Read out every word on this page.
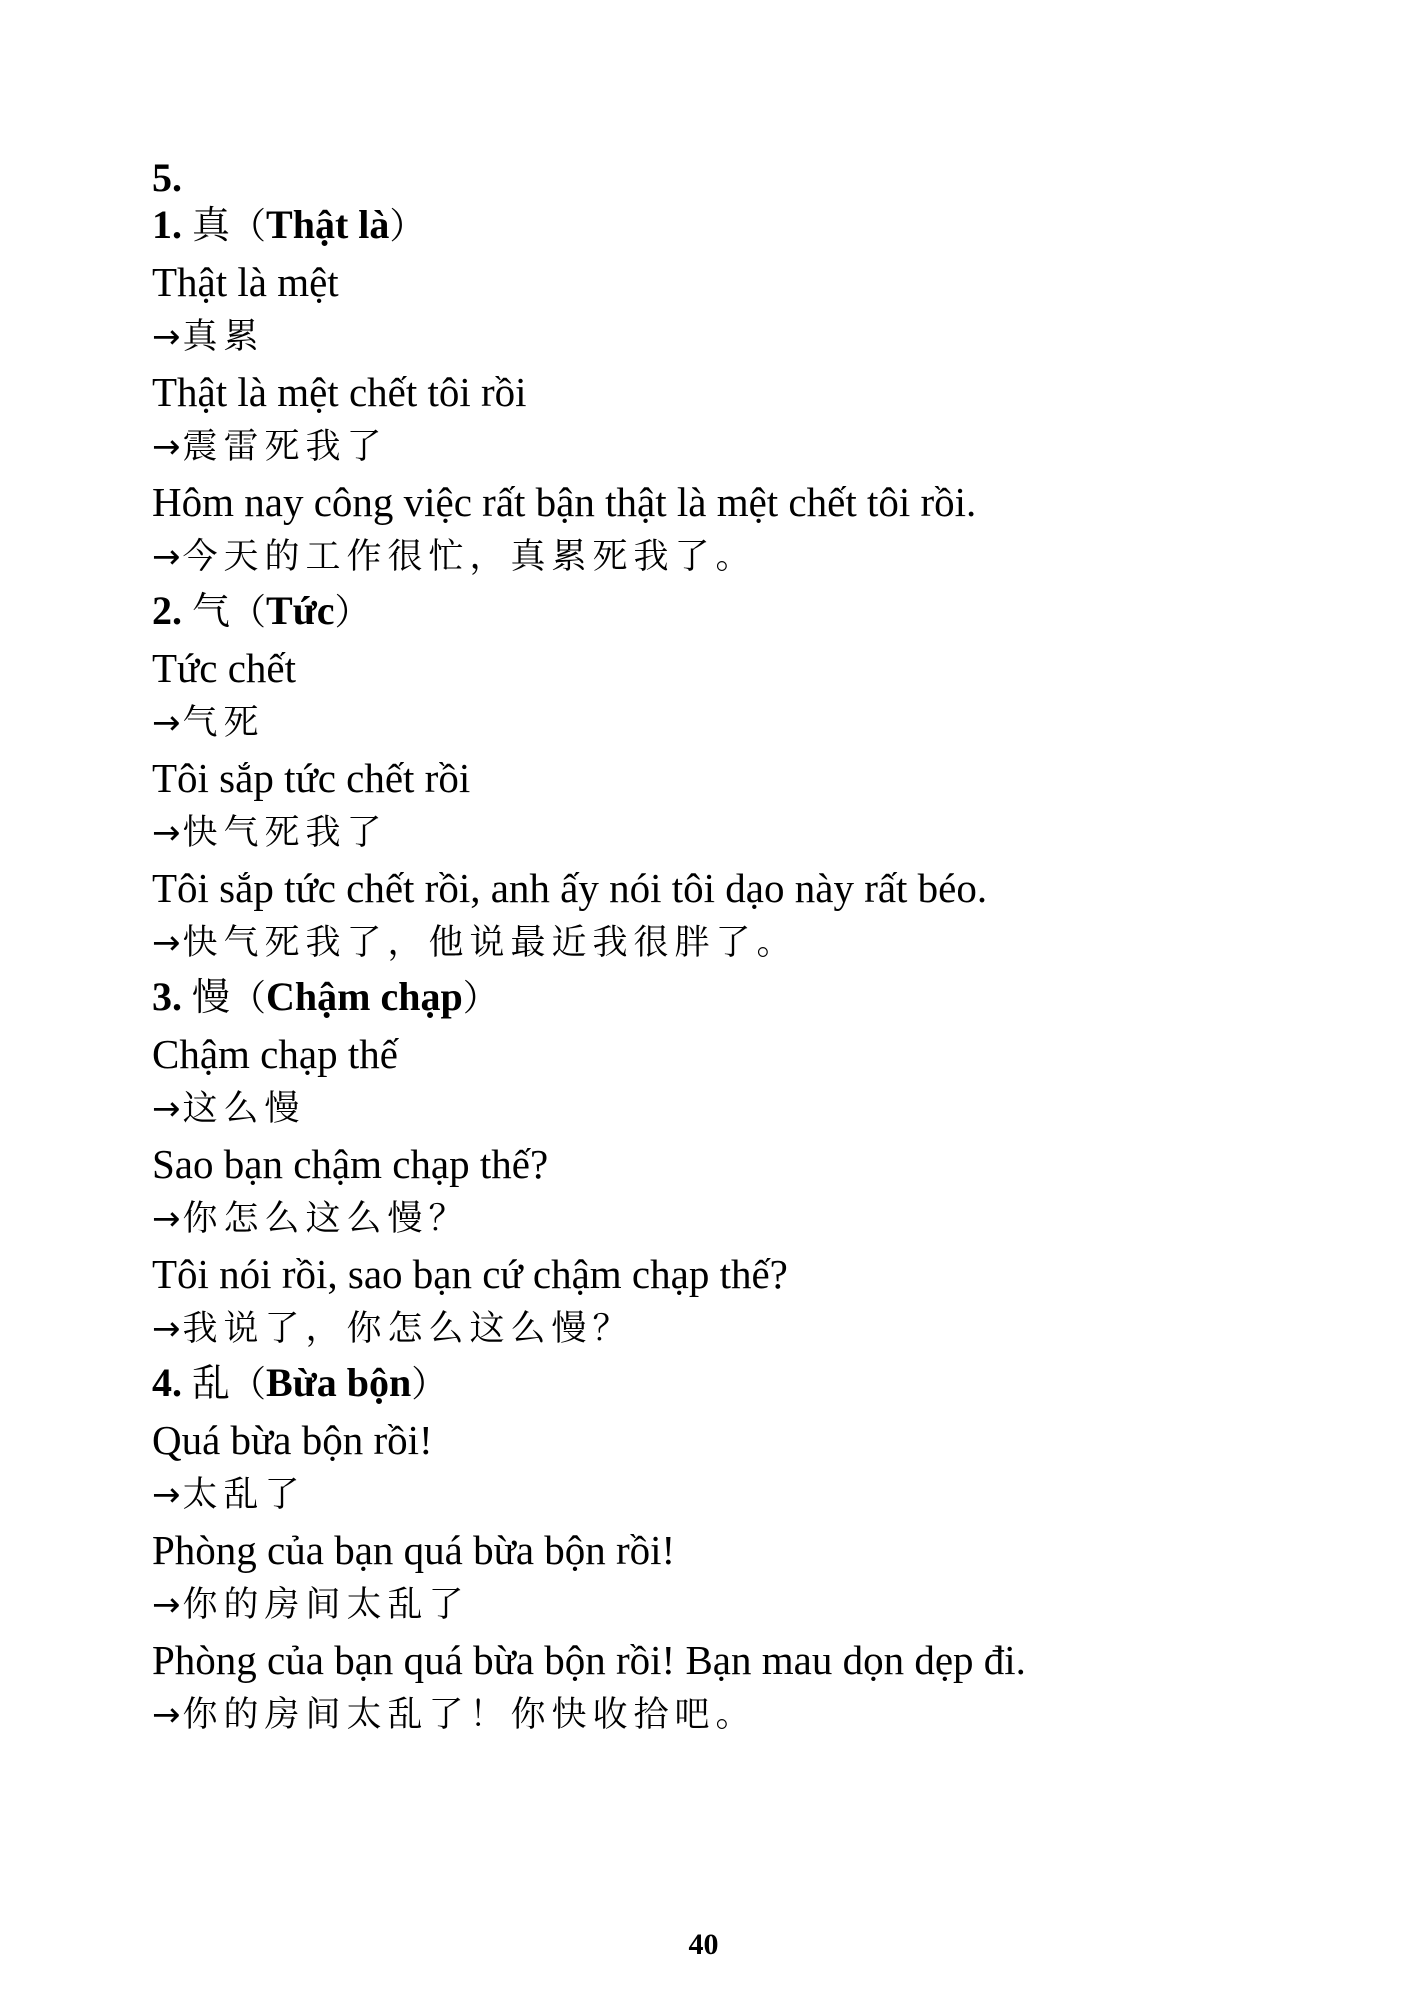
5.
1. 真（Thật là）
Thật là mệt
→真累
Thật là mệt chết tôi rồi
→震雷死我了
Hôm nay công việc rất bận thật là mệt chết tôi rồi.
→今天的工作很忙，真累死我了。
2. 气（Tức）
Tức chết
→气死
Tôi sắp tức chết rồi
→快气死我了
Tôi sắp tức chết rồi, anh ấy nói tôi dạo này rất béo.
→快气死我了，他说最近我很胖了。
3. 慢（Chậm chạp）
Chậm chạp thế
→这么慢
Sao bạn chậm chạp thế?
→你怎么这么慢？
Tôi nói rồi, sao bạn cứ chậm chạp thế?
→我说了，你怎么这么慢？
4. 乱（Bừa bộn）
Quá bừa bộn rồi!
→太乱了
Phòng của bạn quá bừa bộn rồi!
→你的房间太乱了
Phòng của bạn quá bừa bộn rồi! Bạn mau dọn dẹp đi.
→你的房间太乱了！你快收拾吧。
40
